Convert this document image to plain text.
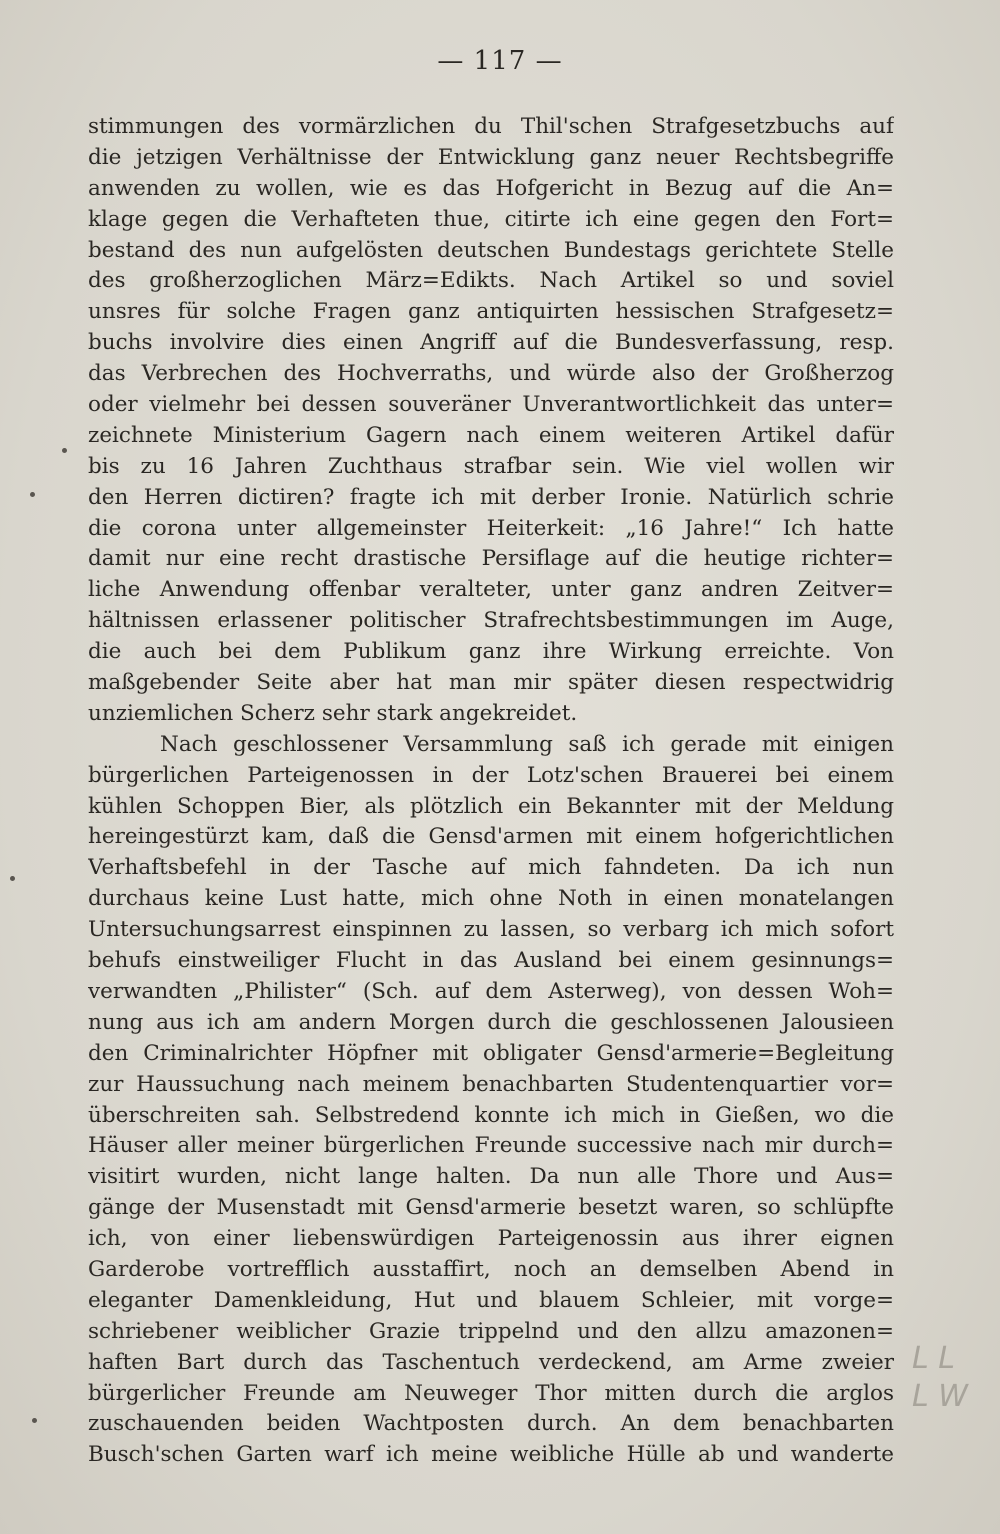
— 117 —
stimmungen des vormärzlichen du Thil'schen Strafgesetzbuchs auf
die jetzigen Verhältnisse der Entwicklung ganz neuer Rechtsbegriffe
anwenden zu wollen, wie es das Hofgericht in Bezug auf die An=
klage gegen die Verhafteten thue, citirte ich eine gegen den Fort=
bestand des nun aufgelösten deutschen Bundestags gerichtete Stelle
des großherzoglichen März=Edikts. Nach Artikel so und soviel
unsres für solche Fragen ganz antiquirten hessischen Strafgesetz=
buchs involvire dies einen Angriff auf die Bundesverfassung, resp.
das Verbrechen des Hochverraths, und würde also der Großherzog
oder vielmehr bei dessen souveräner Unverantwortlichkeit das unter=
zeichnete Ministerium Gagern nach einem weiteren Artikel dafür
bis zu 16 Jahren Zuchthaus strafbar sein. Wie viel wollen wir
den Herren dictiren? fragte ich mit derber Ironie. Natürlich schrie
die corona unter allgemeinster Heiterkeit: „16 Jahre!“ Ich hatte
damit nur eine recht drastische Persiflage auf die heutige richter=
liche Anwendung offenbar veralteter, unter ganz andren Zeitver=
hältnissen erlassener politischer Strafrechtsbestimmungen im Auge,
die auch bei dem Publikum ganz ihre Wirkung erreichte. Von
maßgebender Seite aber hat man mir später diesen respectwidrig
unziemlichen Scherz sehr stark angekreidet.
Nach geschlossener Versammlung saß ich gerade mit einigen
bürgerlichen Parteigenossen in der Lotz'schen Brauerei bei einem
kühlen Schoppen Bier, als plötzlich ein Bekannter mit der Meldung
hereingestürzt kam, daß die Gensd'armen mit einem hofgerichtlichen
Verhaftsbefehl in der Tasche auf mich fahndeten. Da ich nun
durchaus keine Lust hatte, mich ohne Noth in einen monatelangen
Untersuchungsarrest einspinnen zu lassen, so verbarg ich mich sofort
behufs einstweiliger Flucht in das Ausland bei einem gesinnungs=
verwandten „Philister“ (Sch. auf dem Asterweg), von dessen Woh=
nung aus ich am andern Morgen durch die geschlossenen Jalousieen
den Criminalrichter Höpfner mit obligater Gensd'armerie=Begleitung
zur Haussuchung nach meinem benachbarten Studentenquartier vor=
überschreiten sah. Selbstredend konnte ich mich in Gießen, wo die
Häuser aller meiner bürgerlichen Freunde successive nach mir durch=
visitirt wurden, nicht lange halten. Da nun alle Thore und Aus=
gänge der Musenstadt mit Gensd'armerie besetzt waren, so schlüpfte
ich, von einer liebenswürdigen Parteigenossin aus ihrer eignen
Garderobe vortrefflich ausstaffirt, noch an demselben Abend in
eleganter Damenkleidung, Hut und blauem Schleier, mit vorge=
schriebener weiblicher Grazie trippelnd und den allzu amazonen=
haften Bart durch das Taschentuch verdeckend, am Arme zweier
bürgerlicher Freunde am Neuweger Thor mitten durch die arglos
zuschauenden beiden Wachtposten durch. An dem benachbarten
Busch'schen Garten warf ich meine weibliche Hülle ab und wanderte
L L
L W
